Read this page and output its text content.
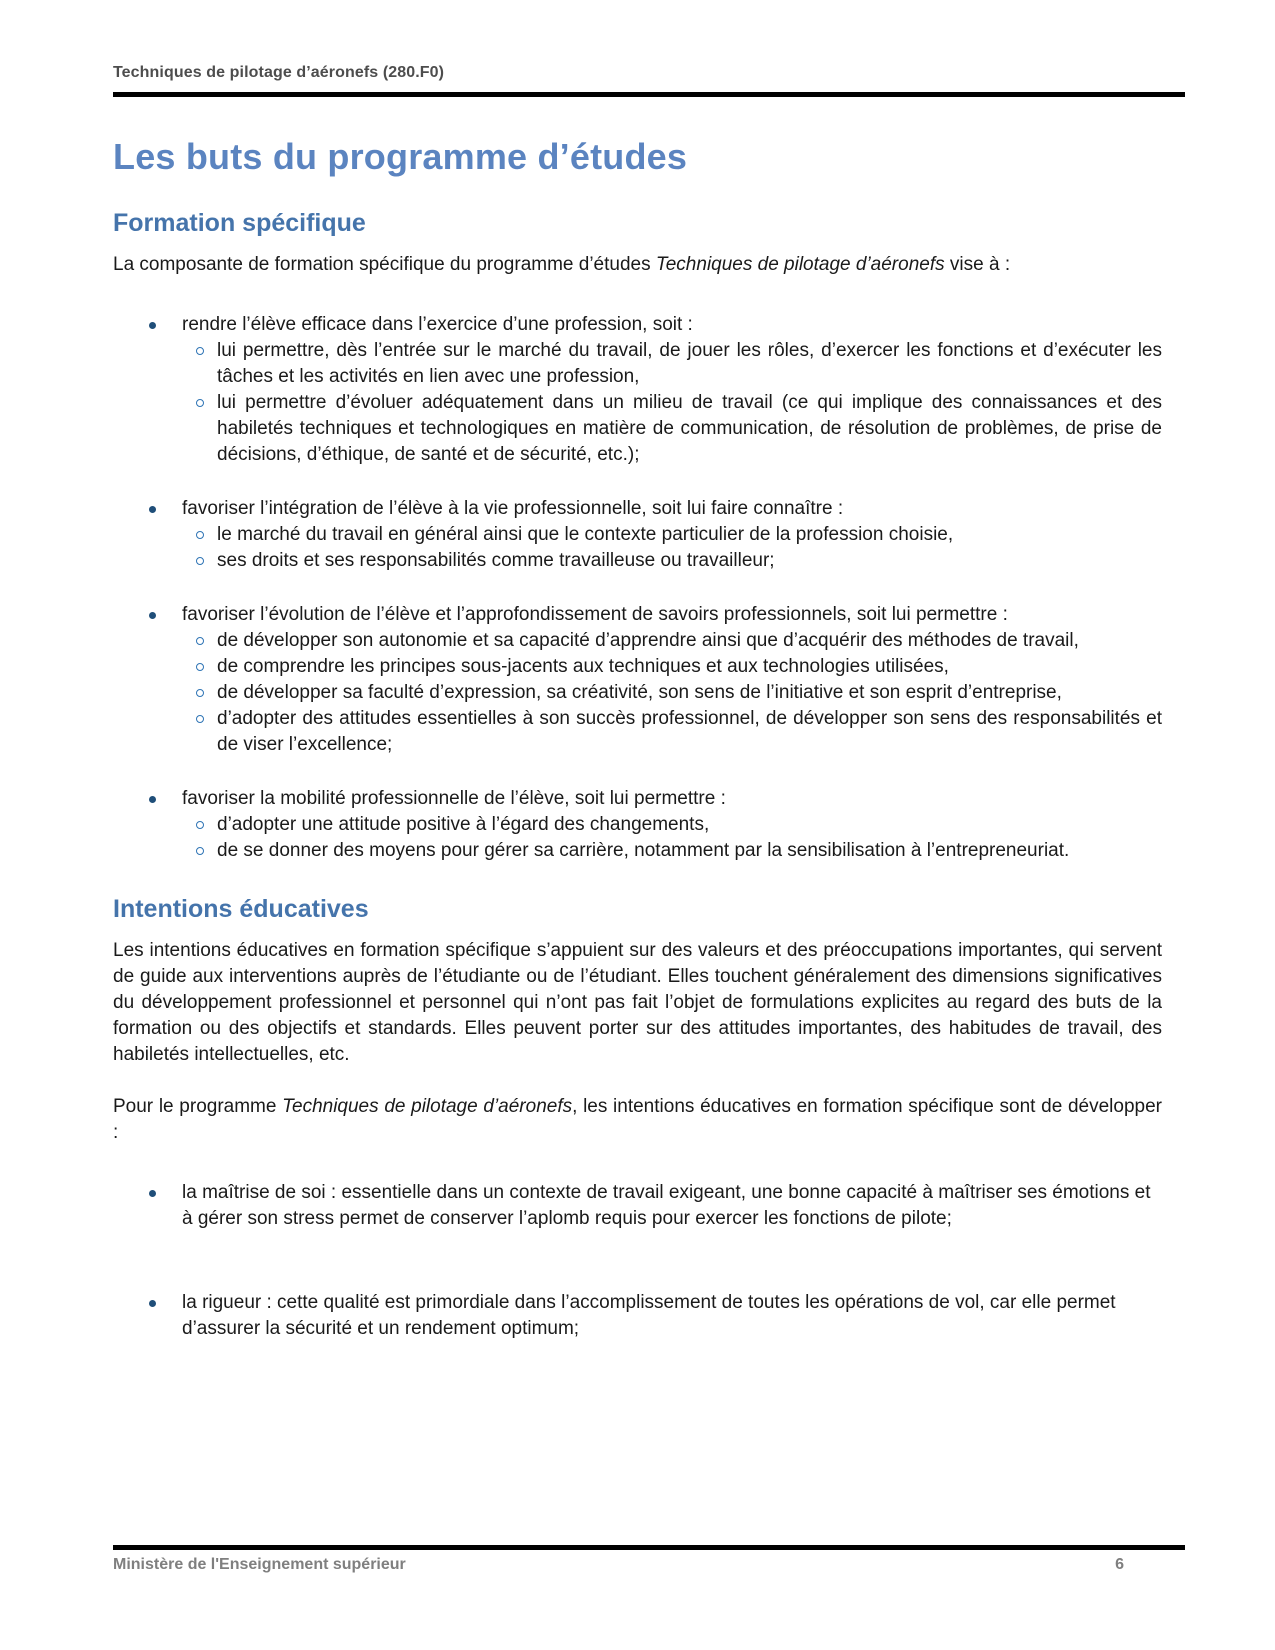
Techniques de pilotage d’aéronefs (280.F0)
Les buts du programme d’études
Formation spécifique

La composante de formation spécifique du programme d’études Techniques de pilotage d’aéronefs vise à :

rendre l’élève efficace dans l’exercice d’une profession, soit :
lui permettre, dès l’entrée sur le marché du travail, de jouer les rôles, d’exercer les fonctions et d’exécuter les tâches et les activités en lien avec une profession,
lui permettre d’évoluer adéquatement dans un milieu de travail (ce qui implique des connaissances et des habiletés techniques et technologiques en matière de communication, de résolution de problèmes, de prise de décisions, d’éthique, de santé et de sécurité, etc.);
favoriser l’intégration de l’élève à la vie professionnelle, soit lui faire connaître :
le marché du travail en général ainsi que le contexte particulier de la profession choisie,
ses droits et ses responsabilités comme travailleuse ou travailleur;
favoriser l’évolution de l’élève et l’approfondissement de savoirs professionnels, soit lui permettre :
de développer son autonomie et sa capacité d’apprendre ainsi que d’acquérir des méthodes de travail,
de comprendre les principes sous-jacents aux techniques et aux technologies utilisées,
de développer sa faculté d’expression, sa créativité, son sens de l’initiative et son esprit d’entreprise,
d’adopter des attitudes essentielles à son succès professionnel, de développer son sens des responsabilités et de viser l’excellence;
favoriser la mobilité professionnelle de l’élève, soit lui permettre :
d’adopter une attitude positive à l’égard des changements,
de se donner des moyens pour gérer sa carrière, notamment par la sensibilisation à l’entrepreneuriat.
Intentions éducatives

Les intentions éducatives en formation spécifique s’appuient sur des valeurs et des préoccupations importantes, qui servent de guide aux interventions auprès de l’étudiante ou de l’étudiant. Elles touchent généralement des dimensions significatives du développement professionnel et personnel qui n’ont pas fait l’objet de formulations explicites au regard des buts de la formation ou des objectifs et standards. Elles peuvent porter sur des attitudes importantes, des habitudes de travail, des habiletés intellectuelles, etc.

Pour le programme Techniques de pilotage d’aéronefs, les intentions éducatives en formation spécifique sont de développer :

la maîtrise de soi : essentielle dans un contexte de travail exigeant, une bonne capacité à maîtriser ses émotions et à gérer son stress permet de conserver l’aplomb requis pour exercer les fonctions de pilote;
la rigueur : cette qualité est primordiale dans l’accomplissement de toutes les opérations de vol, car elle permet d’assurer la sécurité et un rendement optimum;
Ministère de l'Enseignement supérieur	6
